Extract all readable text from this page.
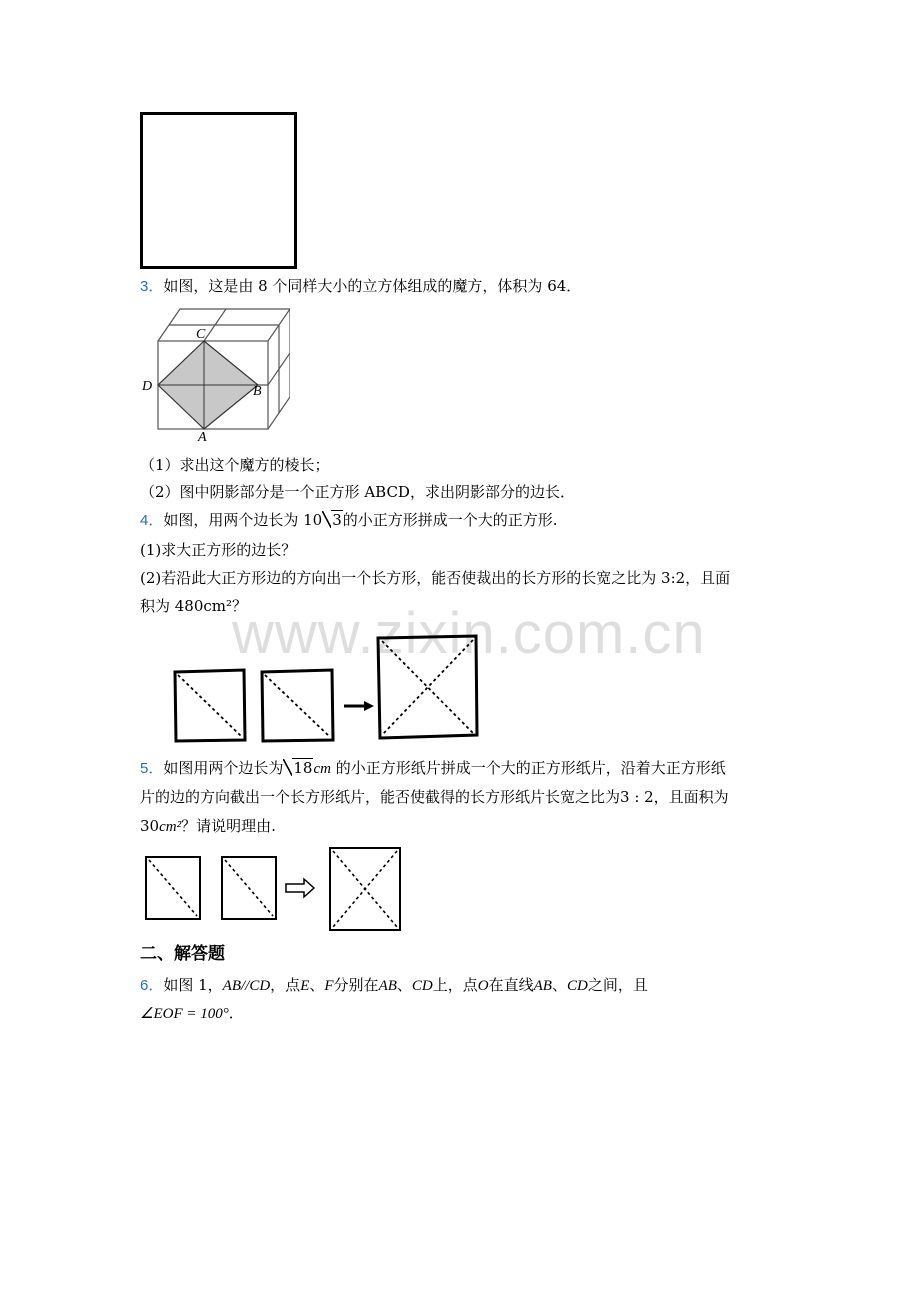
www.zixin.com.cn
3．如图，这是由 8 个同样大小的立方体组成的魔方，体积为 64．
C
D	B
A
（1）求出这个魔方的棱长；
（2）图中阴影部分是一个正方形 ABCD，求出阴影部分的边长．
4．如图，用两个边长为 10 3的小正方形拼成一个大的正方形.
(1)求大正方形的边长？
(2)若沿此大正方形边的方向出一个长方形，能否使裁出的长方形的长宽之比为 3:2，且面
积为 480cm²？
5．如图用两个边长为 18cm 的小正方形纸片拼成一个大的正方形纸片，沿着大正方形纸
片的边的方向截出一个长方形纸片，能否使截得的长方形纸片长宽之比为3 : 2，且面积为
30cm²？请说明理由.
二、解答题
6．如图 1，AB//CD，点E、F分别在AB、CD上，点O在直线AB、CD之间，且
∠EOF = 100°．
